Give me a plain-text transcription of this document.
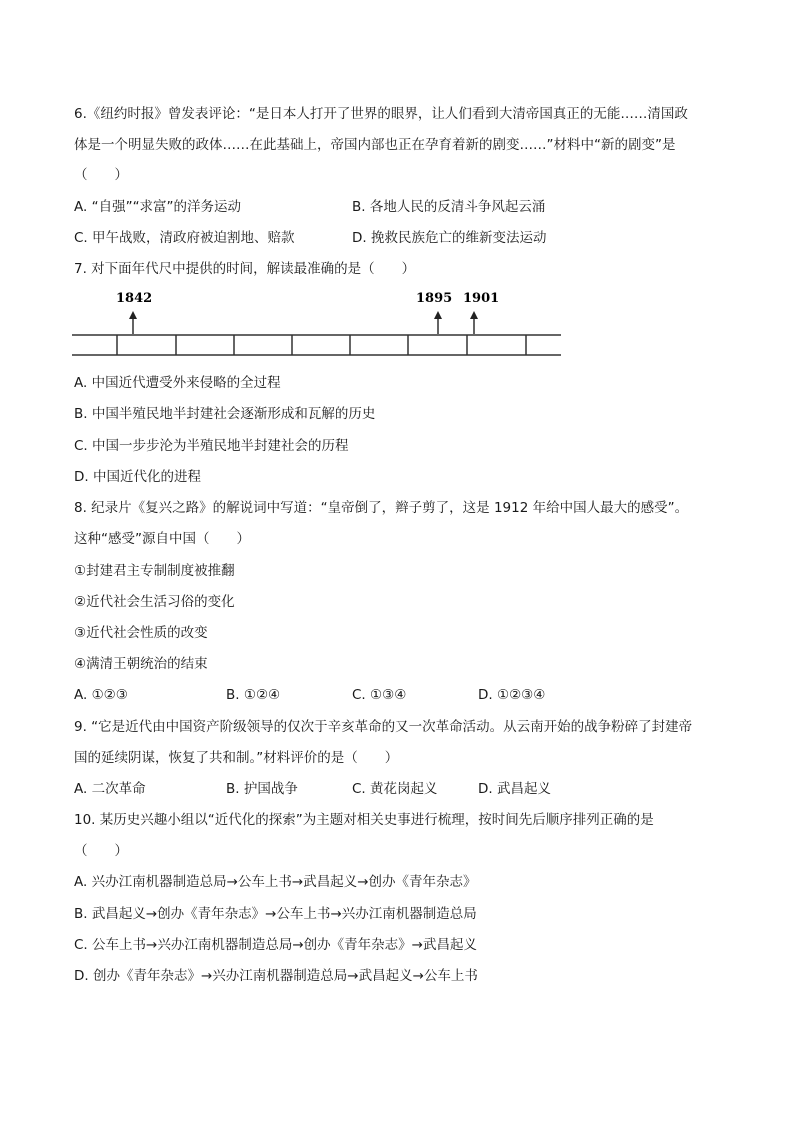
6.《纽约时报》曾发表评论：“是日本人打开了世界的眼界，让人们看到大清帝国真正的无能……清国政
体是一个明显失败的政体……在此基础上，帝国内部也正在孕育着新的剧变……”材料中“新的剧变”是
（　　）
A. “自强”“求富”的洋务运动	B. 各地人民的反清斗争风起云涌
C. 甲午战败，清政府被迫割地、赔款	D. 挽救民族危亡的维新变法运动
7. 对下面年代尺中提供的时间，解读最准确的是（　　）
1842	1895 1901
A. 中国近代遭受外来侵略的全过程
B. 中国半殖民地半封建社会逐渐形成和瓦解的历史
C. 中国一步步沦为半殖民地半封建社会的历程
D. 中国近代化的进程
8. 纪录片《复兴之路》的解说词中写道：“皇帝倒了，辫子剪了，这是 1912 年给中国人最大的感受”。
这种“感受”源自中国（　　）
①封建君主专制制度被推翻
②近代社会生活习俗的变化
③近代社会性质的改变
④满清王朝统治的结束
A. ①②③	B. ①②④	C. ①③④	D. ①②③④
9. “它是近代由中国资产阶级领导的仅次于辛亥革命的又一次革命活动。从云南开始的战争粉碎了封建帝
国的延续阴谋，恢复了共和制。”材料评价的是（　　）
A. 二次革命	B. 护国战争	C. 黄花岗起义	D. 武昌起义
10. 某历史兴趣小组以“近代化的探索”为主题对相关史事进行梳理，按时间先后顺序排列正确的是
（　　）
A. 兴办江南机器制造总局→公车上书→武昌起义→创办《青年杂志》
B. 武昌起义→创办《青年杂志》→公车上书→兴办江南机器制造总局
C. 公车上书→兴办江南机器制造总局→创办《青年杂志》→武昌起义
D. 创办《青年杂志》→兴办江南机器制造总局→武昌起义→公车上书
